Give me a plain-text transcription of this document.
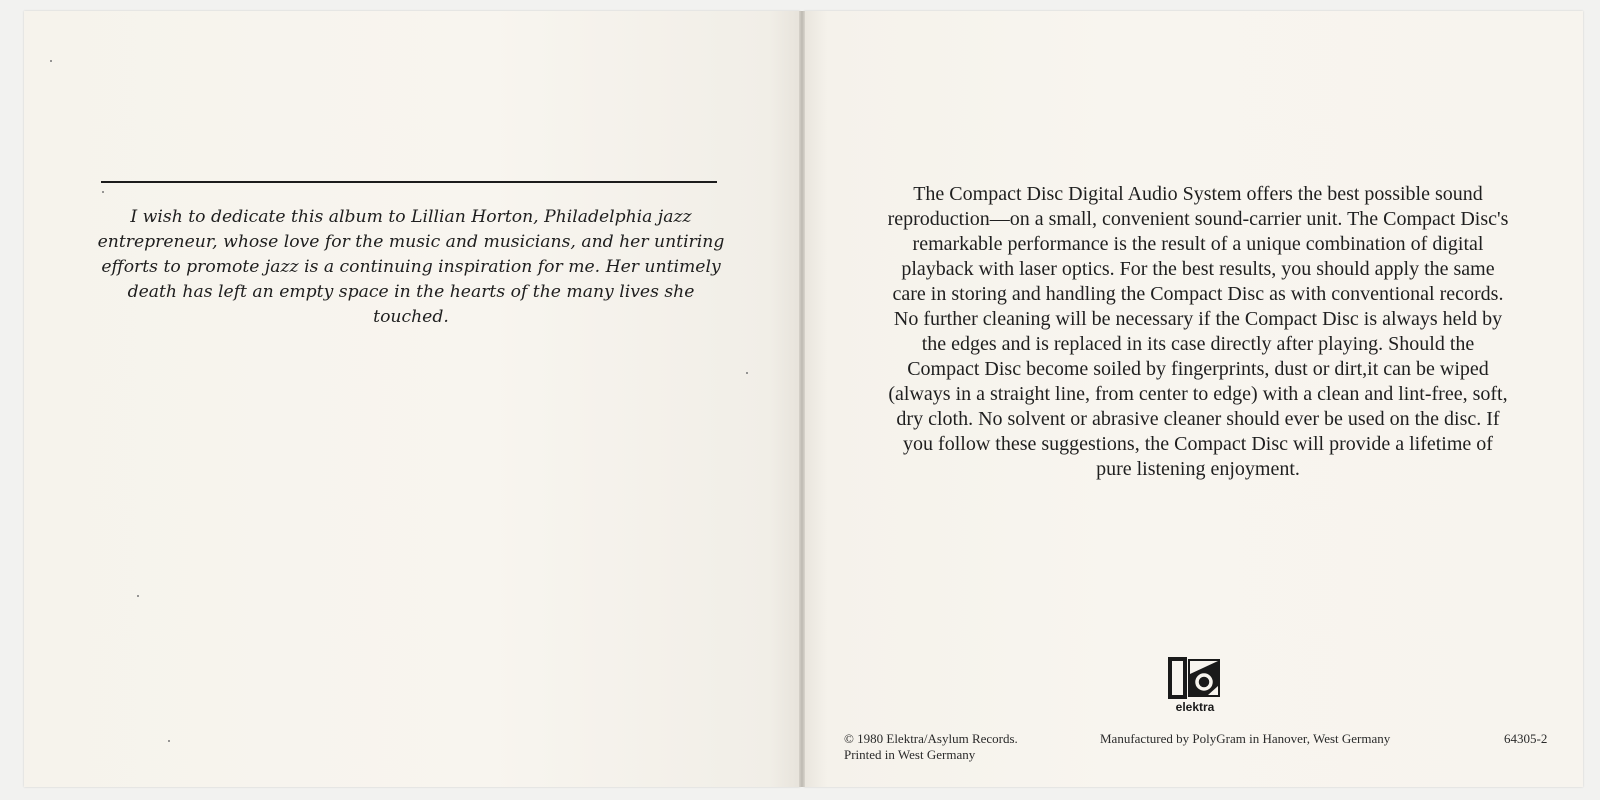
I wish to dedicate this album to Lillian Horton, Philadelphia jazz entrepreneur, whose love for the music and musicians, and her untiring efforts to promote jazz is a continuing inspiration for me. Her untimely death has left an empty space in the hearts of the many lives she touched.

The Compact Disc Digital Audio System offers the best possible sound reproduction—on a small, convenient sound-carrier unit. The Compact Disc's remarkable performance is the result of a unique combination of digital playback with laser optics. For the best results, you should apply the same care in storing and handling the Compact Disc as with conventional records. No further cleaning will be necessary if the Compact Disc is always held by the edges and is replaced in its case directly after playing. Should the Compact Disc become soiled by fingerprints, dust or dirt,it can be wiped (always in a straight line, from center to edge) with a clean and lint-free, soft, dry cloth. No solvent or abrasive cleaner should ever be used on the disc. If you follow these suggestions, the Compact Disc will provide a lifetime of pure listening enjoyment.

elektra
© 1980 Elektra/Asylum Records.
Printed in West Germany
Manufactured by PolyGram in Hanover, West Germany	64305-2
